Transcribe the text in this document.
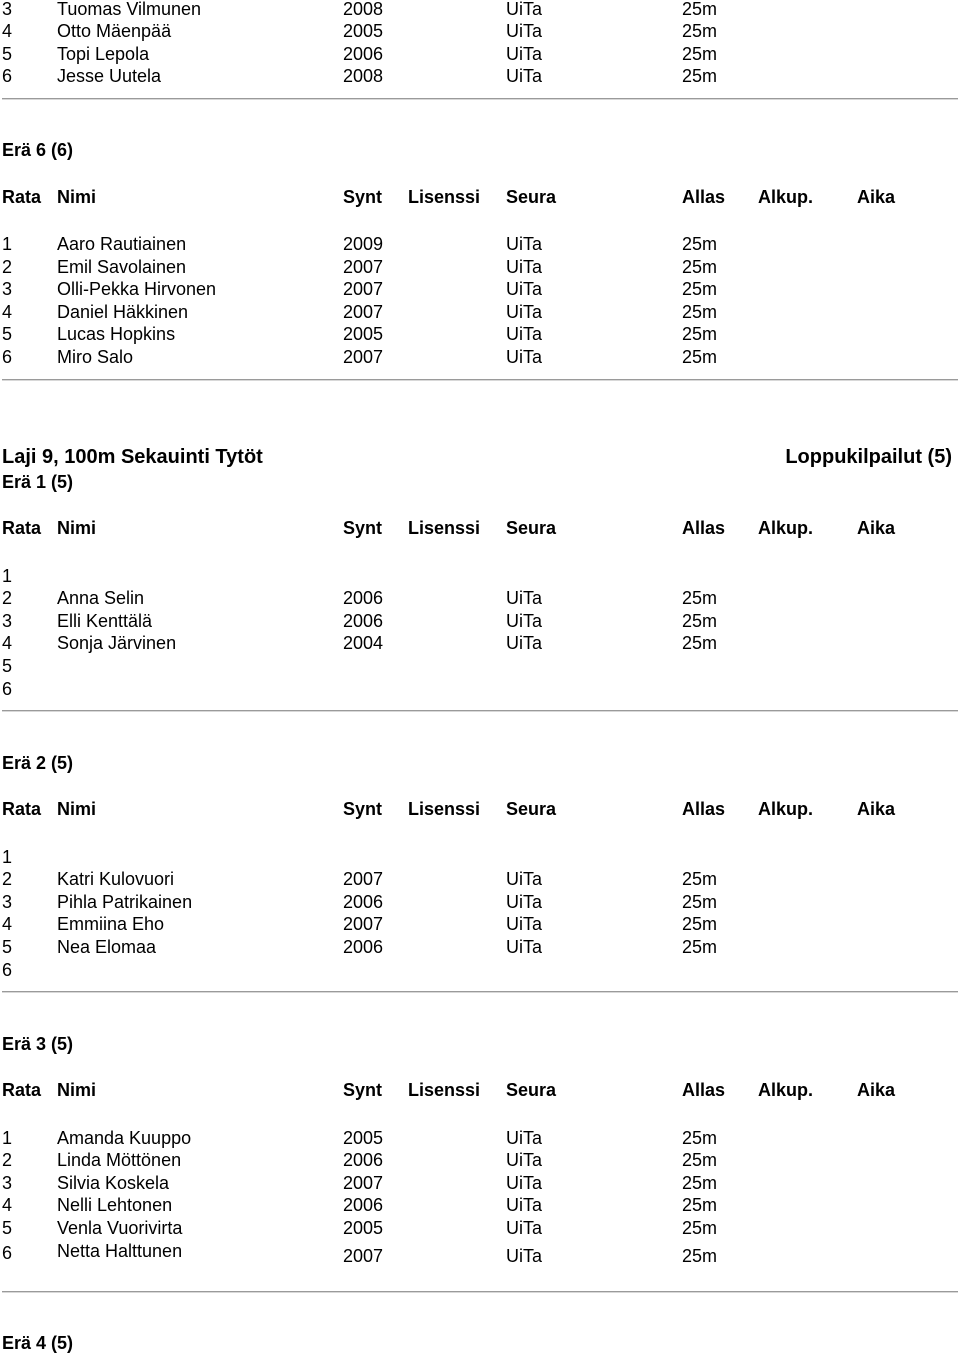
3 Tuomas Vilmunen	2008	UiTa	25m
4 Otto Mäenpää	2005	UiTa	25m
5 Topi Lepola	2006	UiTa	25m
6 Jesse Uutela	2008	UiTa	25m
Erä 6 (6)
Rata Nimi	Synt Lisenssi Seura	Allas Alkup. Aika
1 Aaro Rautiainen	2009	UiTa	25m
2 Emil Savolainen	2007	UiTa	25m
3 Olli-Pekka Hirvonen	2007	UiTa	25m
4 Daniel Häkkinen	2007	UiTa	25m
5 Lucas Hopkins	2005	UiTa	25m
6 Miro Salo	2007	UiTa	25m
Laji 9, 100m Sekauinti Tytöt	Loppukilpailut (5)
Erä 1 (5)
Rata Nimi	Synt Lisenssi Seura	Allas Alkup. Aika
1
2 Anna Selin	2006	UiTa	25m
3 Elli Kenttälä	2006	UiTa	25m
4 Sonja Järvinen	2004	UiTa	25m
5
6
Erä 2 (5)
Rata Nimi	Synt Lisenssi Seura	Allas Alkup. Aika
1
2 Katri Kulovuori	2007	UiTa	25m
3 Pihla Patrikainen	2006	UiTa	25m
4 Emmiina Eho	2007	UiTa	25m
5 Nea Elomaa	2006	UiTa	25m
6
Erä 3 (5)
Rata Nimi	Synt Lisenssi Seura	Allas Alkup. Aika
1 Amanda Kuuppo	2005	UiTa	25m
2 Linda Möttönen	2006	UiTa	25m
3 Silvia Koskela	2007	UiTa	25m
4 Nelli Lehtonen	2006	UiTa	25m
5 Venla Vuorivirta	2005	UiTa	25m
6 Netta Halttunen	2007	UiTa	25m
Erä 4 (5)
